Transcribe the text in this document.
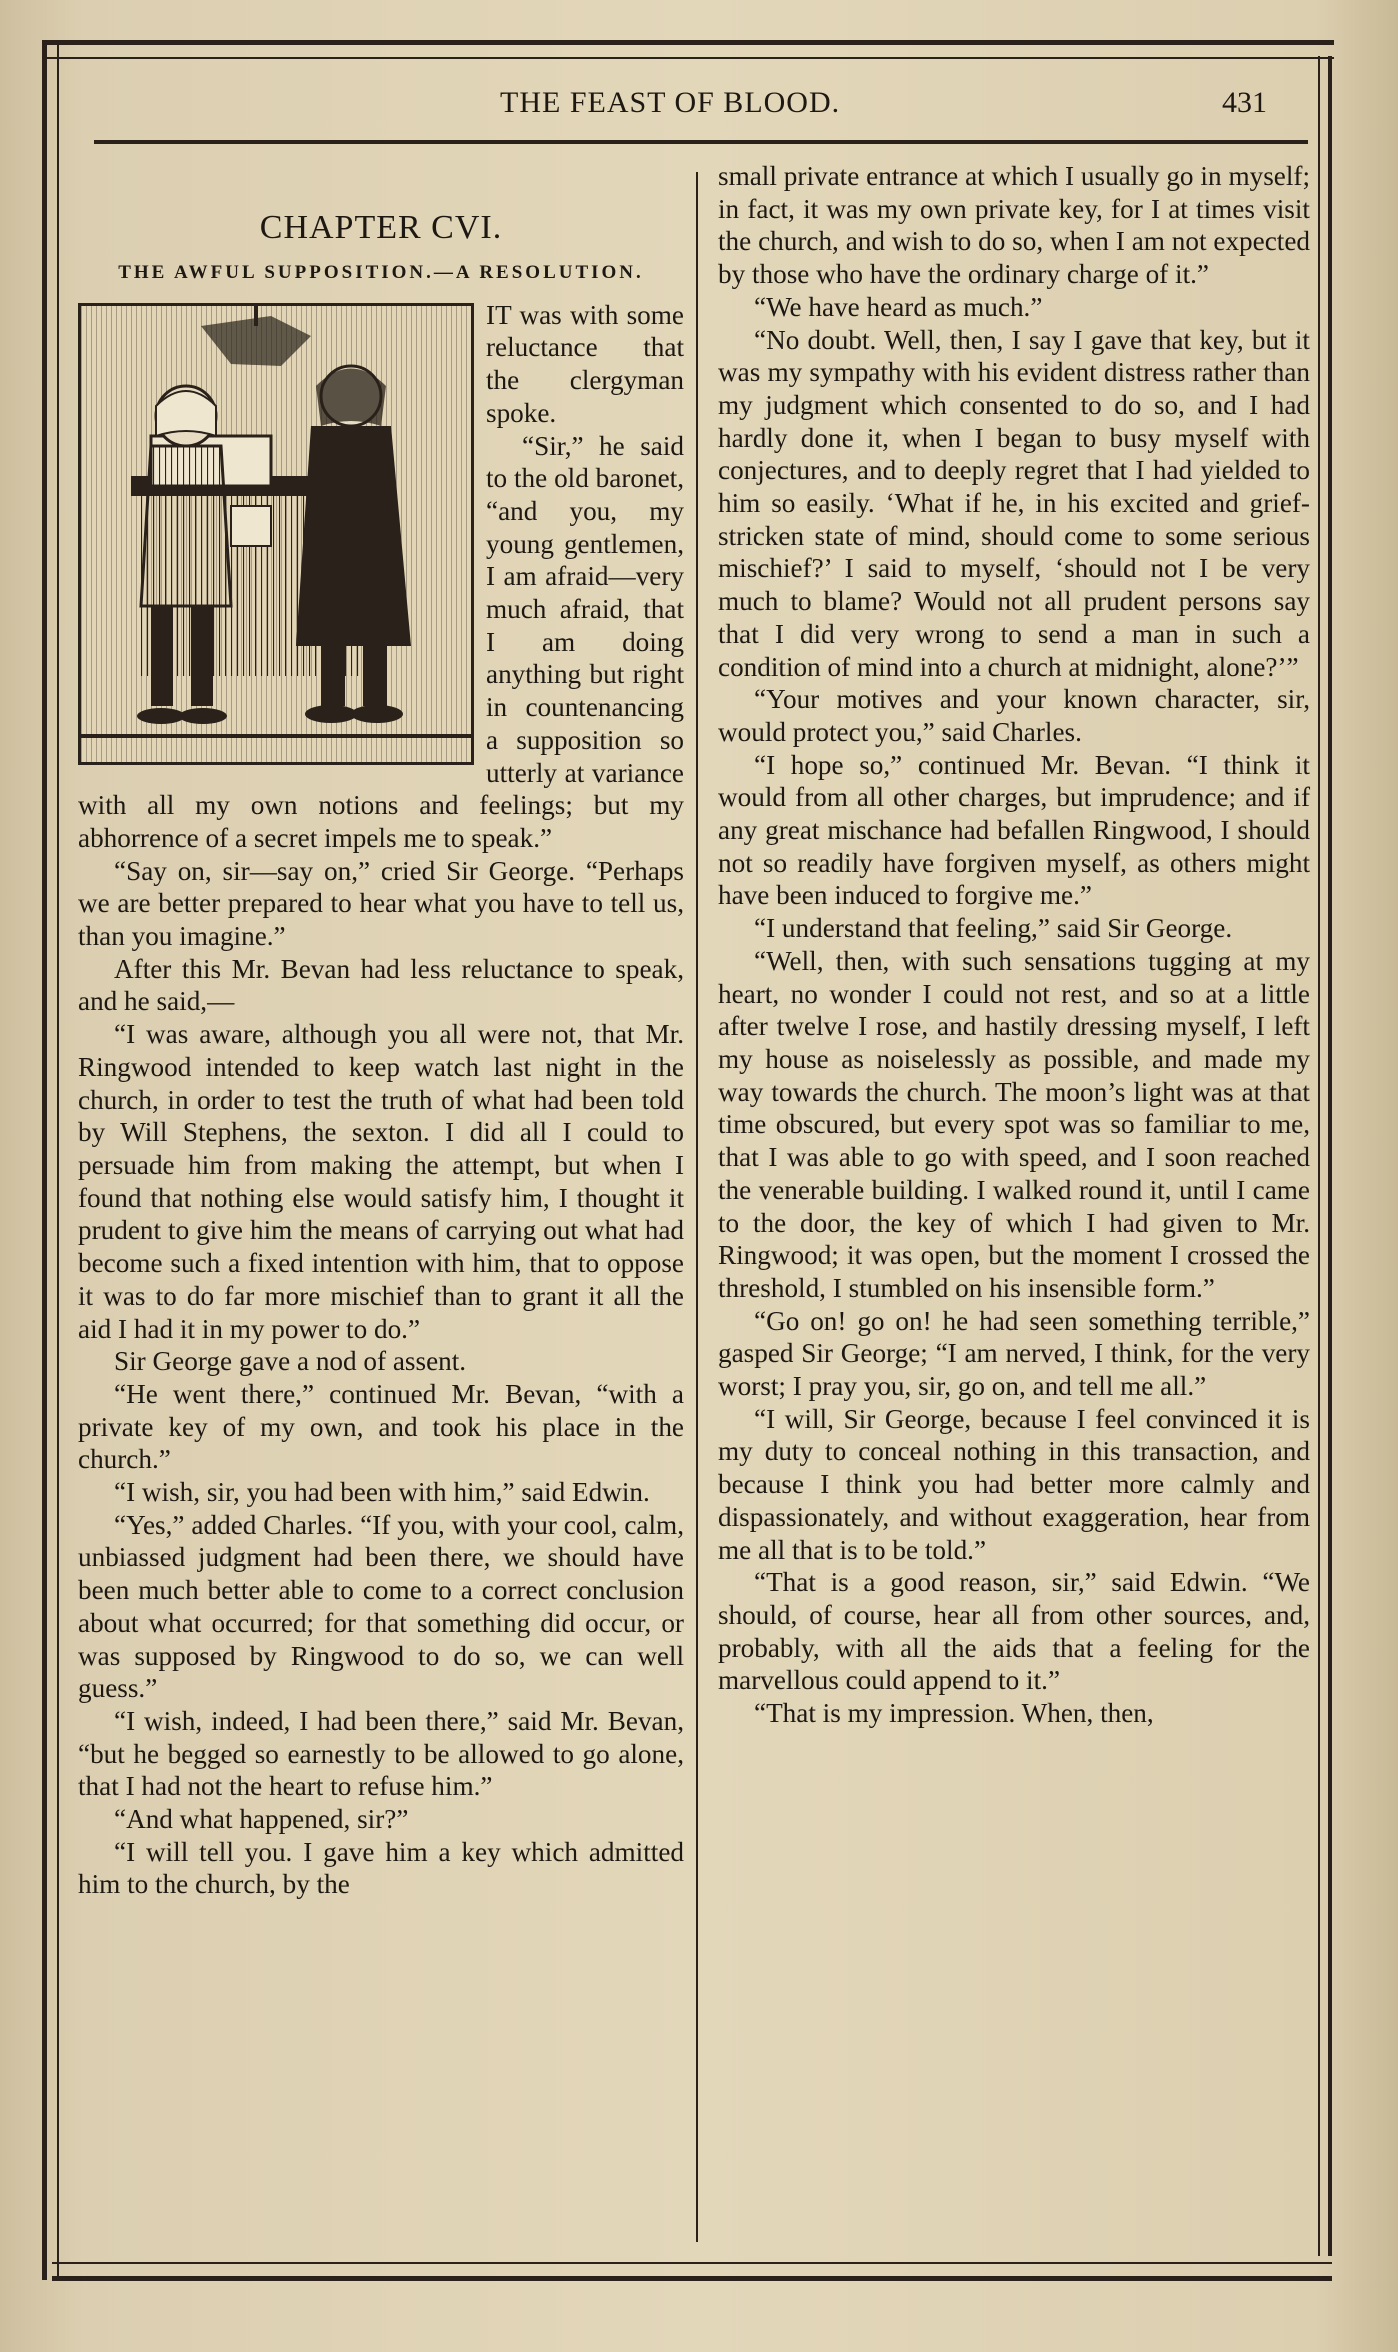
THE FEAST OF BLOOD.	431
CHAPTER CVI.
THE AWFUL SUPPOSITION.—A RESOLUTION.

IT was with some reluctance that the clergyman spoke.

“Sir,” he said to the old baronet, “and you, my young gentlemen, I am afraid—very much afraid, that I am doing anything but right in countenancing a supposition so utterly at variance with all my own notions and feelings; but my abhorrence of a secret impels me to speak.”

“Say on, sir—say on,” cried Sir George. “Perhaps we are better prepared to hear what you have to tell us, than you imagine.”

After this Mr. Bevan had less reluctance to speak, and he said,—

“I was aware, although you all were not, that Mr. Ringwood intended to keep watch last night in the church, in order to test the truth of what had been told by Will Stephens, the sexton. I did all I could to persuade him from making the attempt, but when I found that nothing else would satisfy him, I thought it prudent to give him the means of carrying out what had become such a fixed intention with him, that to oppose it was to do far more mischief than to grant it all the aid I had it in my power to do.”

Sir George gave a nod of assent.

“He went there,” continued Mr. Bevan, “with a private key of my own, and took his place in the church.”

“I wish, sir, you had been with him,” said Edwin.

“Yes,” added Charles. “If you, with your cool, calm, unbiassed judgment had been there, we should have been much better able to come to a correct conclusion about what occurred; for that something did occur, or was supposed by Ringwood to do so, we can well guess.”

“I wish, indeed, I had been there,” said Mr. Bevan, “but he begged so earnestly to be allowed to go alone, that I had not the heart to refuse him.”

“And what happened, sir?”

“I will tell you. I gave him a key which admitted him to the church, by the

small private entrance at which I usually go in myself; in fact, it was my own private key, for I at times visit the church, and wish to do so, when I am not expected by those who have the ordinary charge of it.”

“We have heard as much.”

“No doubt. Well, then, I say I gave that key, but it was my sympathy with his evident distress rather than my judgment which consented to do so, and I had hardly done it, when I began to busy myself with conjectures, and to deeply regret that I had yielded to him so easily. ‘What if he, in his excited and grief-stricken state of mind, should come to some serious mischief?’ I said to myself, ‘should not I be very much to blame? Would not all prudent persons say that I did very wrong to send a man in such a condition of mind into a church at midnight, alone?’”

“Your motives and your known character, sir, would protect you,” said Charles.

“I hope so,” continued Mr. Bevan. “I think it would from all other charges, but imprudence; and if any great mischance had befallen Ringwood, I should not so readily have forgiven myself, as others might have been induced to forgive me.”

“I understand that feeling,” said Sir George.

“Well, then, with such sensations tugging at my heart, no wonder I could not rest, and so at a little after twelve I rose, and hastily dressing myself, I left my house as noiselessly as possible, and made my way towards the church. The moon’s light was at that time obscured, but every spot was so familiar to me, that I was able to go with speed, and I soon reached the venerable building. I walked round it, until I came to the door, the key of which I had given to Mr. Ringwood; it was open, but the moment I crossed the threshold, I stumbled on his insensible form.”

“Go on! go on! he had seen something terrible,” gasped Sir George; “I am nerved, I think, for the very worst; I pray you, sir, go on, and tell me all.”

“I will, Sir George, because I feel convinced it is my duty to conceal nothing in this transaction, and because I think you had better more calmly and dispassionately, and without exaggeration, hear from me all that is to be told.”

“That is a good reason, sir,” said Edwin. “We should, of course, hear all from other sources, and, probably, with all the aids that a feeling for the marvellous could append to it.”

“That is my impression. When, then,
